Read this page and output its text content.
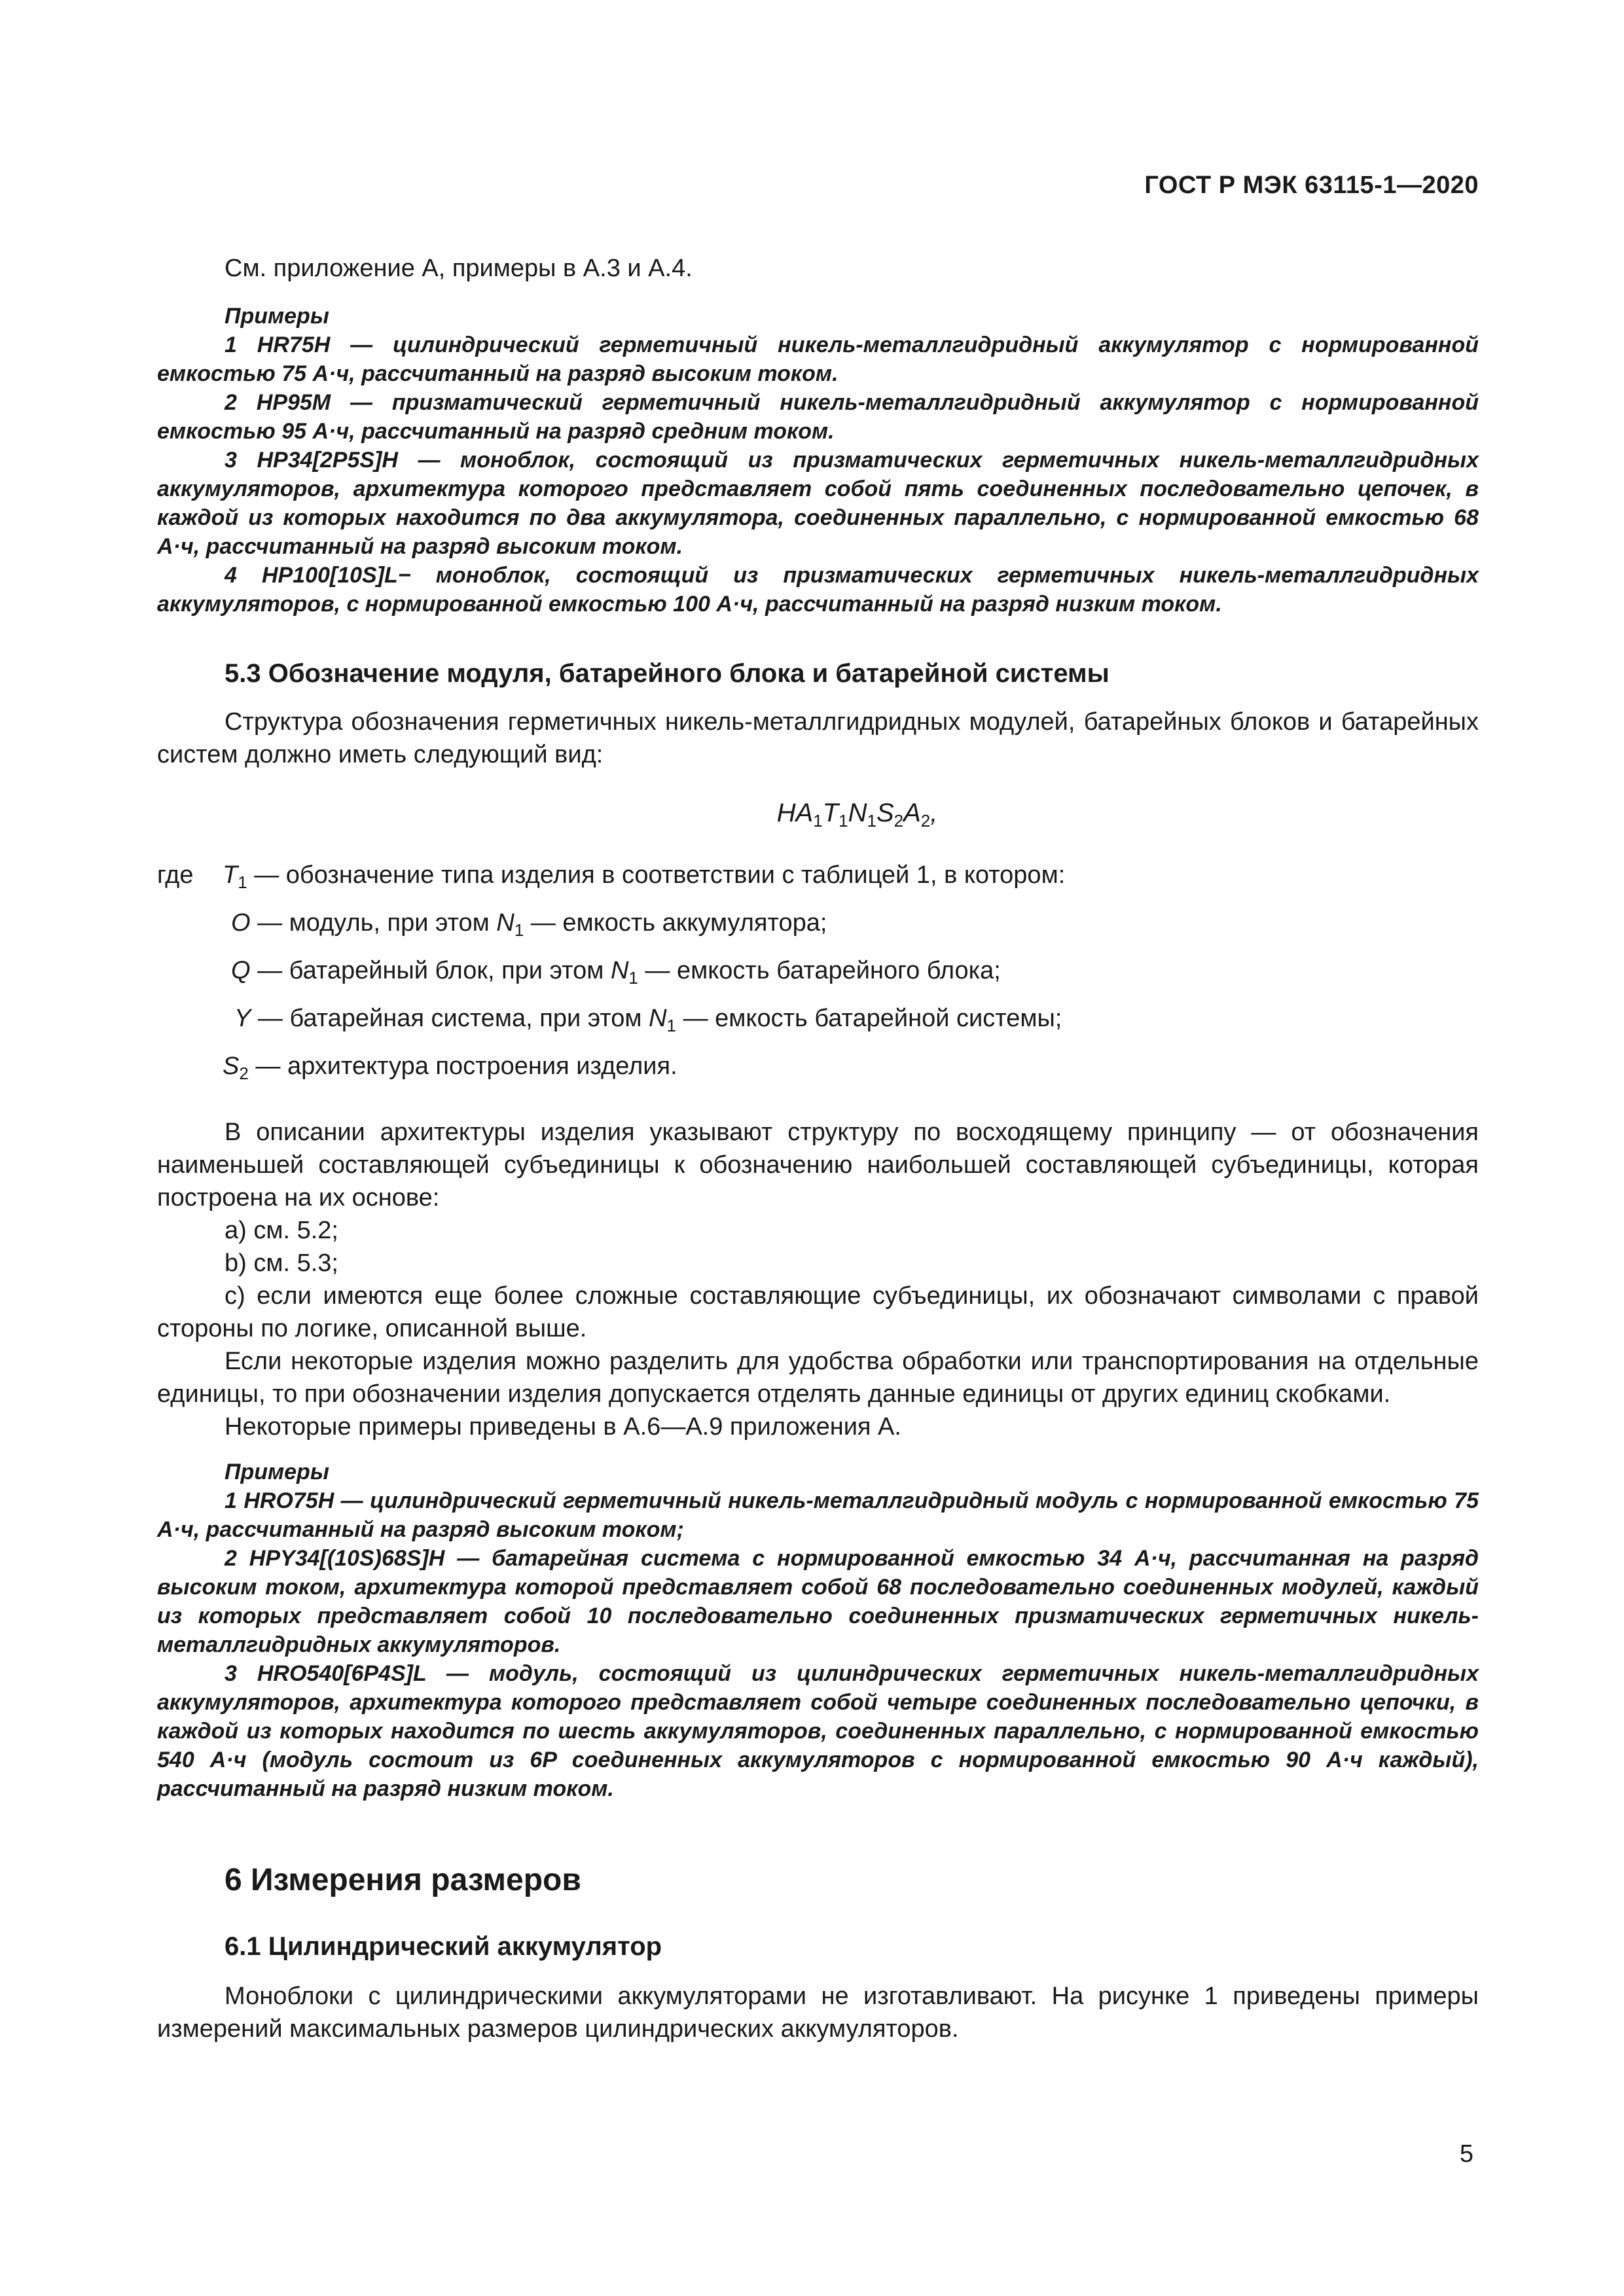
ГОСТ Р МЭК 63115-1—2020

См. приложение А, примеры в А.3 и А.4.

Примеры

1 HR75H — цилиндрический герметичный никель-металлгидридный аккумулятор с нормированной емкостью 75 А·ч, рассчитанный на разряд высоким током.

2 HP95M — призматический герметичный никель-металлгидридный аккумулятор с нормированной емкостью 95 А·ч, рассчитанный на разряд средним током.

3 HP34[2P5S]H — моноблок, состоящий из призматических герметичных никель-металлгидридных аккумуляторов, архитектура которого представляет собой пять соединенных последовательно цепочек, в каждой из которых находится по два аккумулятора, соединенных параллельно, с нормированной емкостью 68 А·ч, рассчитанный на разряд высоким током.

4 HP100[10S]L− моноблок, состоящий из призматических герметичных никель-металлгидридных аккумуляторов, с нормированной емкостью 100 А·ч, рассчитанный на разряд низким током.

5.3 Обозначение модуля, батарейного блока и батарейной системы

Структура обозначения герметичных никель-металлгидридных модулей, батарейных блоков и батарейных систем должно иметь следующий вид:

$HA_1T_1N_1S_2A_2$,
где	$T_1$ — обозначение типа изделия в соответствии с таблицей 1, в котором:

O — модуль, при этом $N_1$ — емкость аккумулятора;

Q — батарейный блок, при этом $N_1$ — емкость батарейного блока;

Y — батарейная система, при этом $N_1$ — емкость батарейной системы;

$S_2$ — архитектура построения изделия.

В описании архитектуры изделия указывают структуру по восходящему принципу — от обозначения наименьшей составляющей субъединицы к обозначению наибольшей составляющей субъединицы, которая построена на их основе:

a) см. 5.2;

b) см. 5.3;

с) если имеются еще более сложные составляющие субъединицы, их обозначают символами с правой стороны по логике, описанной выше.

Если некоторые изделия можно разделить для удобства обработки или транспортирования на отдельные единицы, то при обозначении изделия допускается отделять данные единицы от других единиц скобками.

Некоторые примеры приведены в А.6—А.9 приложения А.

Примеры

1 HRO75H — цилиндрический герметичный никель-металлгидридный модуль с нормированной емкостью 75 А·ч, рассчитанный на разряд высоким током;

2 HPY34[(10S)68S]H — батарейная система с нормированной емкостью 34 А·ч, рассчитанная на разряд высоким током, архитектура которой представляет собой 68 последовательно соединенных модулей, каждый из которых представляет собой 10 последовательно соединенных призматических герметичных никель-металлгидридных аккумуляторов.

3 HRO540[6P4S]L — модуль, состоящий из цилиндрических герметичных никель-металлгидридных аккумуляторов, архитектура которого представляет собой четыре соединенных последовательно цепочки, в каждой из которых находится по шесть аккумуляторов, соединенных параллельно, с нормированной емкостью 540 А·ч (модуль состоит из 6P соединенных аккумуляторов с нормированной емкостью 90 А·ч каждый), рассчитанный на разряд низким током.

6 Измерения размеров

6.1 Цилиндрический аккумулятор

Моноблоки с цилиндрическими аккумуляторами не изготавливают. На рисунке 1 приведены примеры измерений максимальных размеров цилиндрических аккумуляторов.

5
